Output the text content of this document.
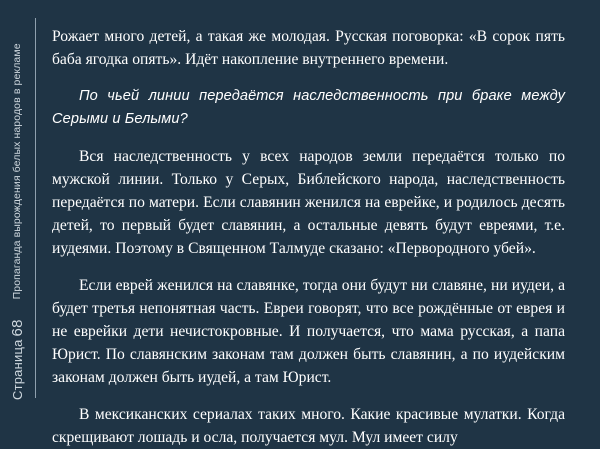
Страница68
Пропаганда вырождения белых народов в рекламе

Рожает много детей, а такая же молодая. Русская поговорка: «В сорок пять баба ягодка опять». Идёт накопление внутреннего времени.

По чьей линии передаётся наследственность при браке между Серыми и Белыми?

Вся наследственность у всех народов земли передаётся только по мужской линии. Только у Серых, Библейского народа, наследственность передаётся по матери. Если славянин женился на еврейке, и родилось десять детей, то первый будет славянин, а остальные девять будут евреями, т.е. иудеями. Поэтому в Священном Талмуде сказано: «Первородного убей».

Если еврей женился на славянке, тогда они будут ни славяне, ни иудеи, а будет третья непонятная часть. Евреи говорят, что все рождённые от еврея и не еврейки дети нечистокровные. И получается, что мама русская, а папа Юрист. По славянским законам там должен быть славянин, а по иудейским законам должен быть иудей, а там Юрист.

В мексиканских сериалах таких много. Какие красивые мулатки. Когда скрещивают лошадь и осла, получается мул. Мул имеет силу
